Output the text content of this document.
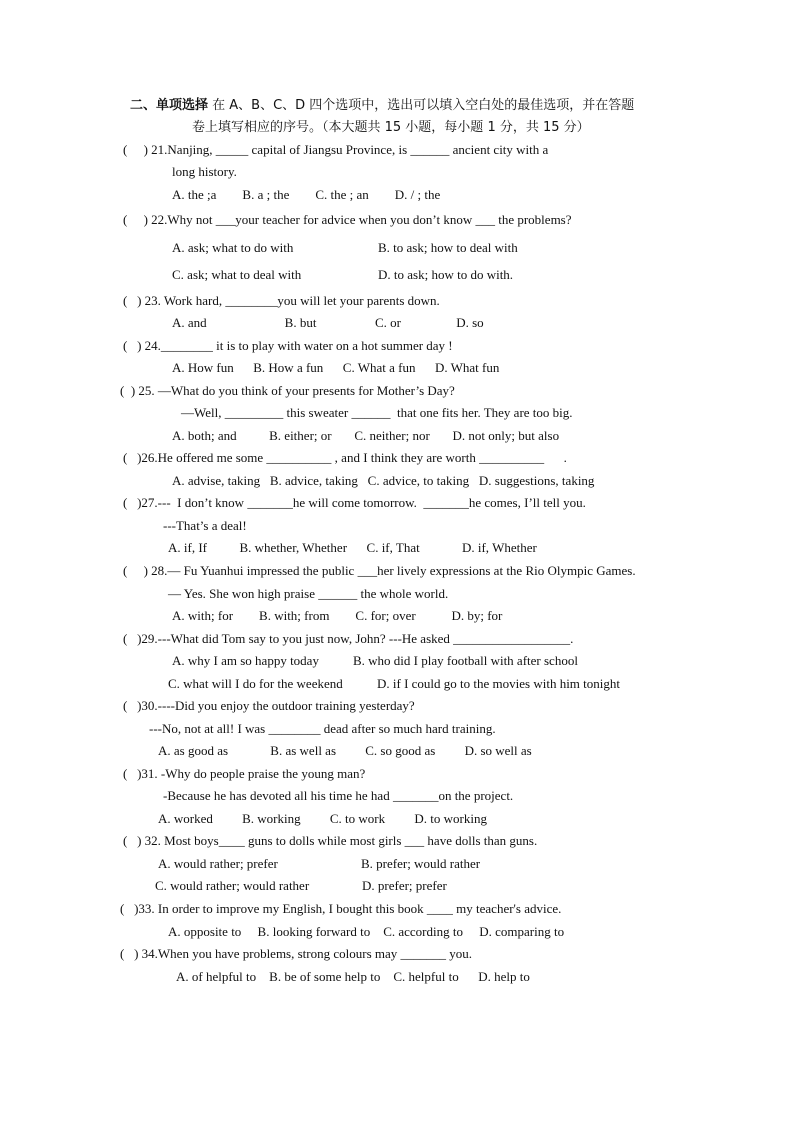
二、单项选择 在 A、B、C、D 四个选项中，选出可以填入空白处的最佳选项，并在答题
卷上填写相应的序号。（本大题共 15 小题，每小题 1 分，共 15 分）
(     ) 21.Nanjing, _____ capital of Jiangsu Province, is ______ ancient city with a
long history.
A. the ;a        B. a ; the        C. the ; an        D. / ; the
(     ) 22.Why not ___your teacher for advice when you don’t know ___ the problems?
A. ask; what to do with	B. to ask; how to deal with
C. ask; what to deal with	D. to ask; how to do with.
(   ) 23. Work hard, ________you will let your parents down.
A. and                        B. but                  C. or                 D. so
(   ) 24.________ it is to play with water on a hot summer day !
A. How fun      B. How a fun      C. What a fun      D. What fun
(  ) 25. —What do you think of your presents for Mother’s Day?
—Well, _________ this sweater ______  that one fits her. They are too big.
A. both; and          B. either; or       C. neither; nor       D. not only; but also
(   )26.He offered me some __________ , and I think they are worth __________      .
A. advise, taking   B. advice, taking   C. advice, to taking   D. suggestions, taking
(   )27.---  I don’t know _______he will come tomorrow.  _______he comes, I’ll tell you.
---That’s a deal!
A. if, If          B. whether, Whether      C. if, That             D. if, Whether
(     ) 28.— Fu Yuanhui impressed the public ___her lively expressions at the Rio Olympic Games.
— Yes. She won high praise ______ the whole world.
A. with; for        B. with; from        C. for; over           D. by; for
(   )29.---What did Tom say to you just now, John? ---He asked __________________.
A. why I am so happy today	B. who did I play football with after school
C. what will I do for the weekend	D. if I could go to the movies with him tonight
(   )30.----Did you enjoy the outdoor training yesterday?
---No, not at all! I was ________ dead after so much hard training.
A. as good as             B. as well as         C. so good as         D. so well as
(   )31. -Why do people praise the young man?
-Because he has devoted all his time he had _______on the project.
A. worked         B. working         C. to work         D. to working
(   ) 32. Most boys____ guns to dolls while most girls ___ have dolls than guns.
A. would rather; prefer	B. prefer; would rather
C. would rather; would rather	D. prefer; prefer
(   )33. In order to improve my English, I bought this book ____ my teacher's advice.
A. opposite to     B. looking forward to    C. according to     D. comparing to
(   ) 34.When you have problems, strong colours may _______ you.
A. of helpful to    B. be of some help to    C. helpful to      D. help to
